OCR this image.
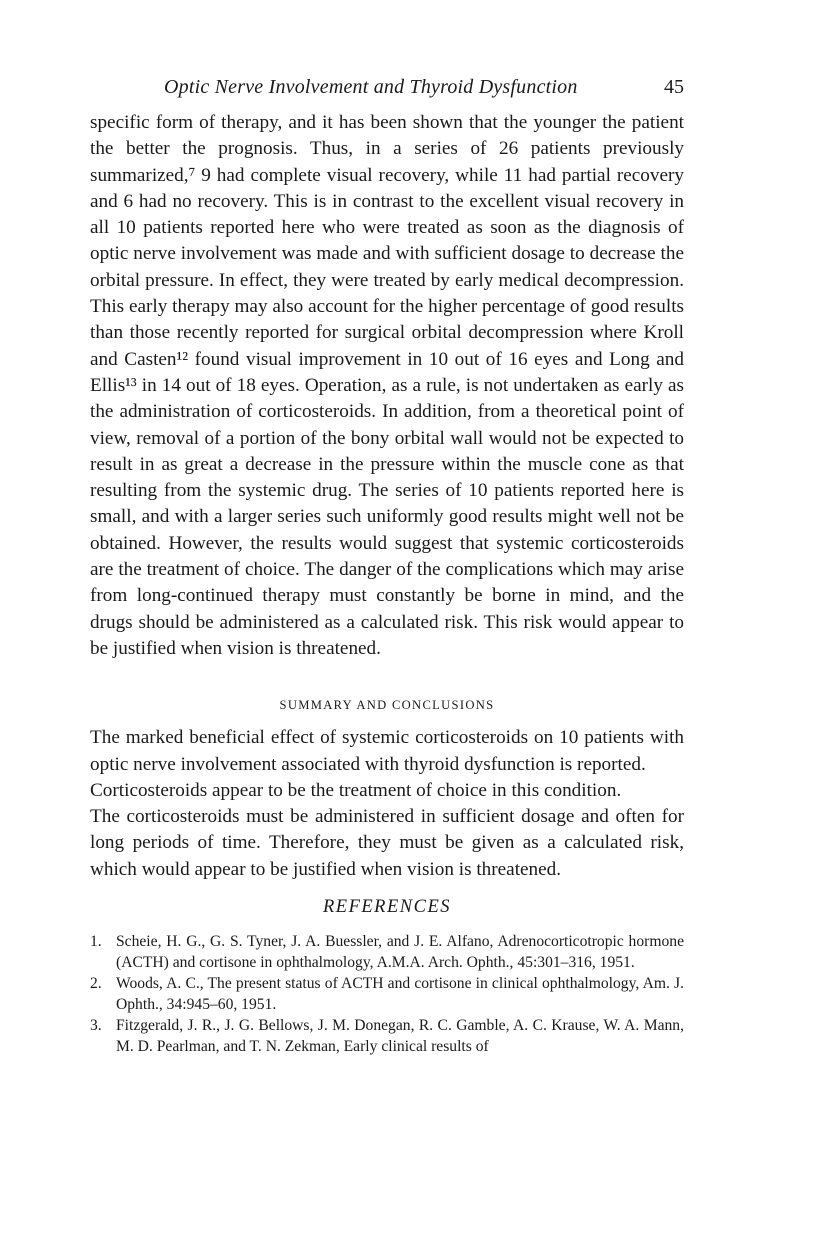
Optic Nerve Involvement and Thyroid Dysfunction	45

specific form of therapy, and it has been shown that the younger the patient the better the prognosis. Thus, in a series of 26 patients previously summarized,⁷ 9 had complete visual recovery, while 11 had partial recovery and 6 had no recovery. This is in contrast to the excellent visual recovery in all 10 patients reported here who were treated as soon as the diagnosis of optic nerve involvement was made and with sufficient dosage to decrease the orbital pressure. In effect, they were treated by early medical decompression. This early therapy may also account for the higher percentage of good results than those recently reported for surgical orbital decompression where Kroll and Casten¹² found visual improvement in 10 out of 16 eyes and Long and Ellis¹³ in 14 out of 18 eyes. Operation, as a rule, is not undertaken as early as the administration of corticosteroids. In addition, from a theoretical point of view, removal of a portion of the bony orbital wall would not be expected to result in as great a decrease in the pressure within the muscle cone as that resulting from the systemic drug. The series of 10 patients reported here is small, and with a larger series such uniformly good results might well not be obtained. However, the results would suggest that systemic corticosteroids are the treatment of choice. The danger of the complications which may arise from long-continued therapy must constantly be borne in mind, and the drugs should be administered as a calculated risk. This risk would appear to be justified when vision is threatened.

SUMMARY AND CONCLUSIONS

The marked beneficial effect of systemic corticosteroids on 10 patients with optic nerve involvement associated with thyroid dysfunction is reported.

Corticosteroids appear to be the treatment of choice in this condition.

The corticosteroids must be administered in sufficient dosage and often for long periods of time. Therefore, they must be given as a calculated risk, which would appear to be justified when vision is threatened.

REFERENCES
1. Scheie, H. G., G. S. Tyner, J. A. Buessler, and J. E. Alfano, Adrenocorticotropic hormone (ACTH) and cortisone in ophthalmology, A.M.A. Arch. Ophth., 45:301–316, 1951.
2. Woods, A. C., The present status of ACTH and cortisone in clinical ophthalmology, Am. J. Ophth., 34:945–60, 1951.
3. Fitzgerald, J. R., J. G. Bellows, J. M. Donegan, R. C. Gamble, A. C. Krause, W. A. Mann, M. D. Pearlman, and T. N. Zekman, Early clinical results of
